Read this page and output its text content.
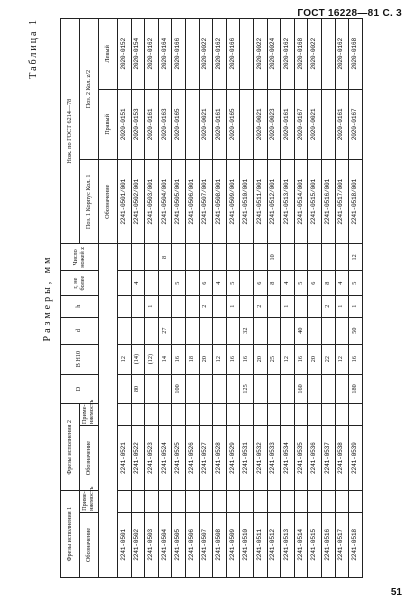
ГОСТ 16228—81 С. 3
Таблица 1
Размеры, мм
Фрезы исполнения 1		Фрезы исполнения 2		D	B H10	d	h	r, не более	Число ножей z	Нож. по ГОСТ 6214—78		
Обозначение	Приме-няемость	Обозначение	Приме-няемость							Поз. 1 Корпус Кол. 1	Поз. 2 Кол. z/2	
										Обозначение	Правый	Левый
2241-0501		2241-0521			12					2241-0501/001	2020-0151	2020-0152
2241-0502		2241-0522		80	(14)			4		2241-0502/001	2020-0153	2020-0154
2241-0503		2241-0523			(12)		1			2241-0503/001	2020-0161	2020-0162
2241-0504		2241-0524			14	27			8	2241-0504/001	2020-0163	2020-0164
2241-0505		2241-0525		100	16			5		2241-0505/001	2020-0165	2020-0166
2241-0506		2241-0526			18					2241-0506/001		
2241-0507		2241-0527			20		2	6		2241-0507/001	2020-0021	2020-0022
2241-0508		2241-0528			12			4		2241-0508/001	2020-0161	2020-0162
2241-0509		2241-0529			16		1	5		2241-0509/001	2020-0165	2020-0166
2241-0510		2241-0531		125	16	32				2241-0510/001		
2241-0511		2241-0532			20		2	6		2241-0511/001	2020-0021	2020-0022
2241-0512		2241-0533			25			8	10	2241-0512/001	2020-0023	2020-0024
2241-0513		2241-0534			12		1	4		2241-0513/001	2020-0161	2020-0162
2241-0514		2241-0535		160	16	40		5		2241-0514/001	2020-0167	2020-0168
2241-0515		2241-0536			20			6		2241-0515/001	2020-0021	2020-0022
2241-0516		2241-0537			22		2	8		2241-0516/001		
2241-0517		2241-0538			12		1	4		2241-0517/001	2020-0161	2020-0162
2241-0518		2241-0539		180	16	50	1	5	12	2241-0518/001	2020-0167	2020-0168
51
